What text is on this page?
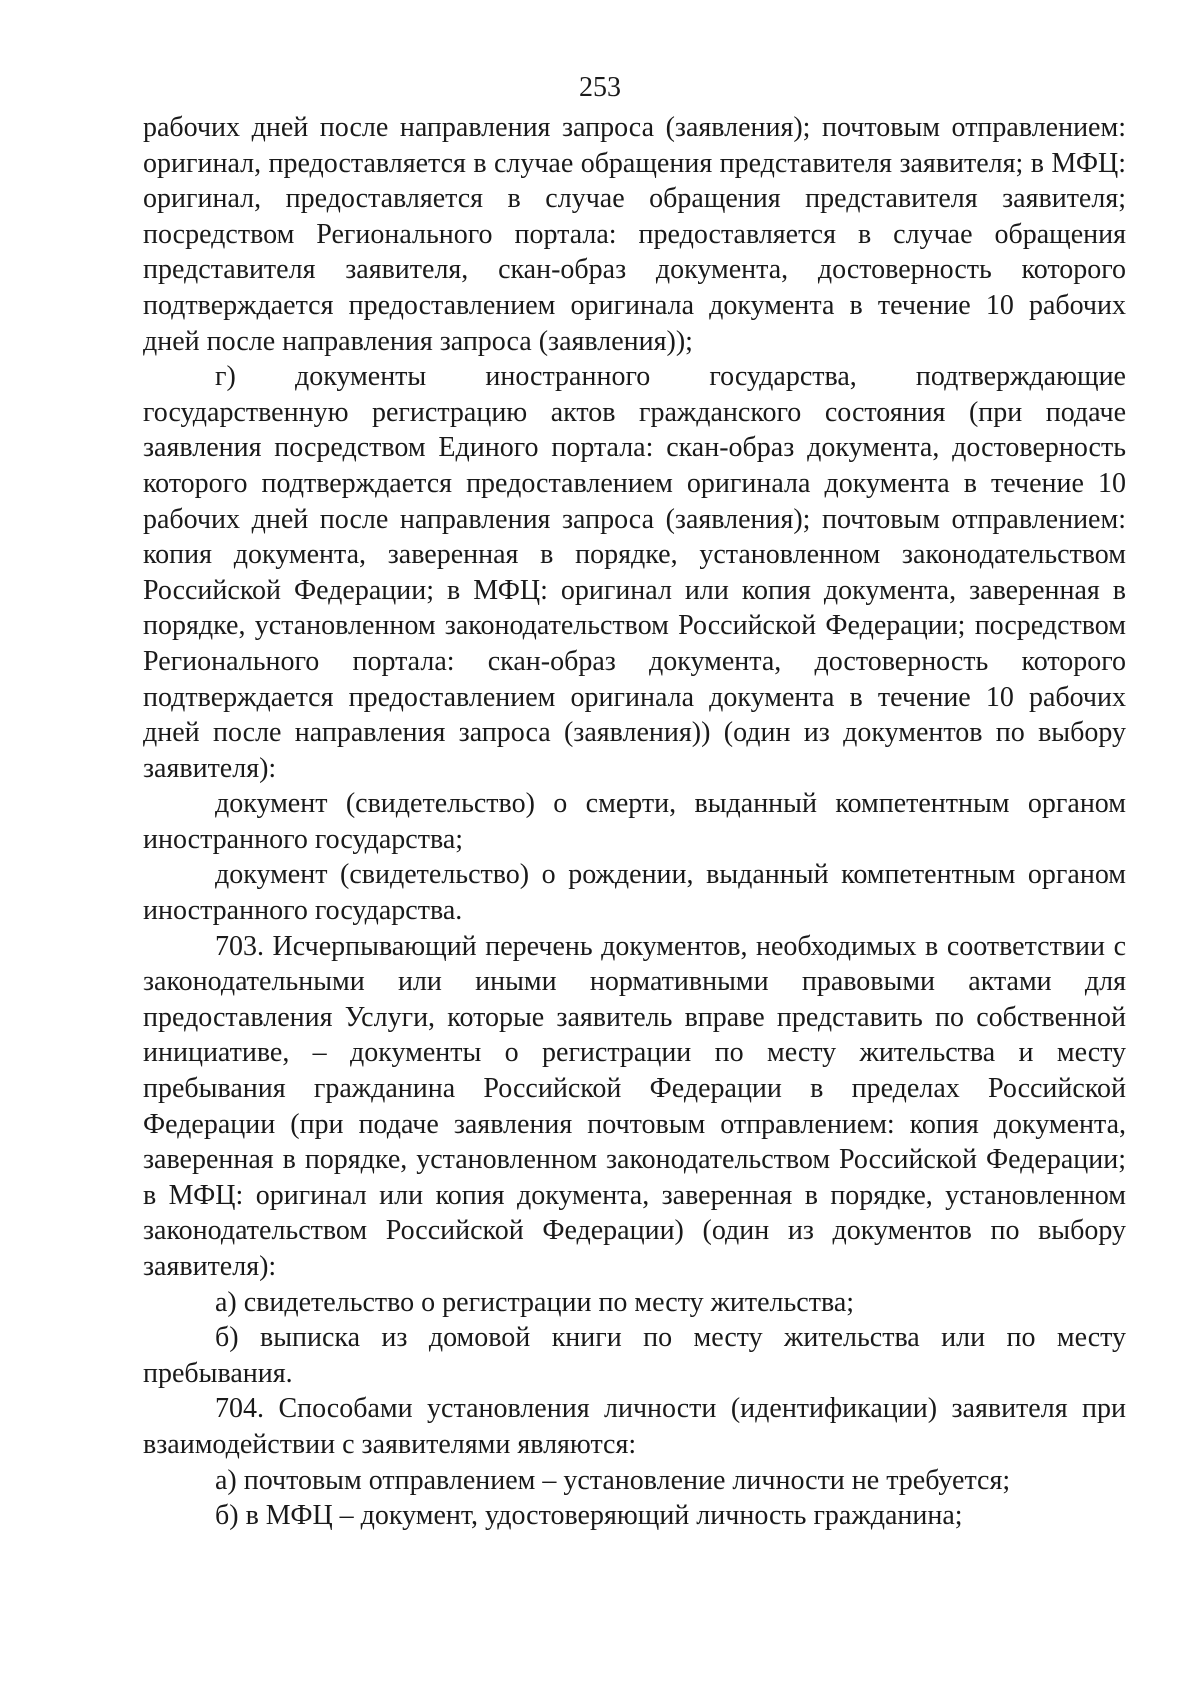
253

рабочих дней после направления запроса (заявления); почтовым отправлением: оригинал, предоставляется в случае обращения представителя заявителя; в МФЦ: оригинал, предоставляется в случае обращения представителя заявителя; посредством Регионального портала: предоставляется в случае обращения представителя заявителя, скан-образ документа, достоверность которого подтверждается предоставлением оригинала документа в течение 10 рабочих дней после направления запроса (заявления));

г) документы иностранного государства, подтверждающие государственную регистрацию актов гражданского состояния (при подаче заявления посредством Единого портала: скан-образ документа, достоверность которого подтверждается предоставлением оригинала документа в течение 10 рабочих дней после направления запроса (заявления); почтовым отправлением: копия документа, заверенная в порядке, установленном законодательством Российской Федерации; в МФЦ: оригинал или копия документа, заверенная в порядке, установленном законодательством Российской Федерации; посредством Регионального портала: скан-образ документа, достоверность которого подтверждается предоставлением оригинала документа в течение 10 рабочих дней после направления запроса (заявления)) (один из документов по выбору заявителя):

документ (свидетельство) о смерти, выданный компетентным органом иностранного государства;

документ (свидетельство) о рождении, выданный компетентным органом иностранного государства.

703. Исчерпывающий перечень документов, необходимых в соответствии с законодательными или иными нормативными правовыми актами для предоставления Услуги, которые заявитель вправе представить по собственной инициативе, – документы о регистрации по месту жительства и месту пребывания гражданина Российской Федерации в пределах Российской Федерации (при подаче заявления почтовым отправлением: копия документа, заверенная в порядке, установленном законодательством Российской Федерации; в МФЦ: оригинал или копия документа, заверенная в порядке, установленном законодательством Российской Федерации) (один из документов по выбору заявителя):

а) свидетельство о регистрации по месту жительства;

б) выписка из домовой книги по месту жительства или по месту пребывания.

704. Способами установления личности (идентификации) заявителя при взаимодействии с заявителями являются:

а) почтовым отправлением – установление личности не требуется;

б) в МФЦ – документ, удостоверяющий личность гражданина;
